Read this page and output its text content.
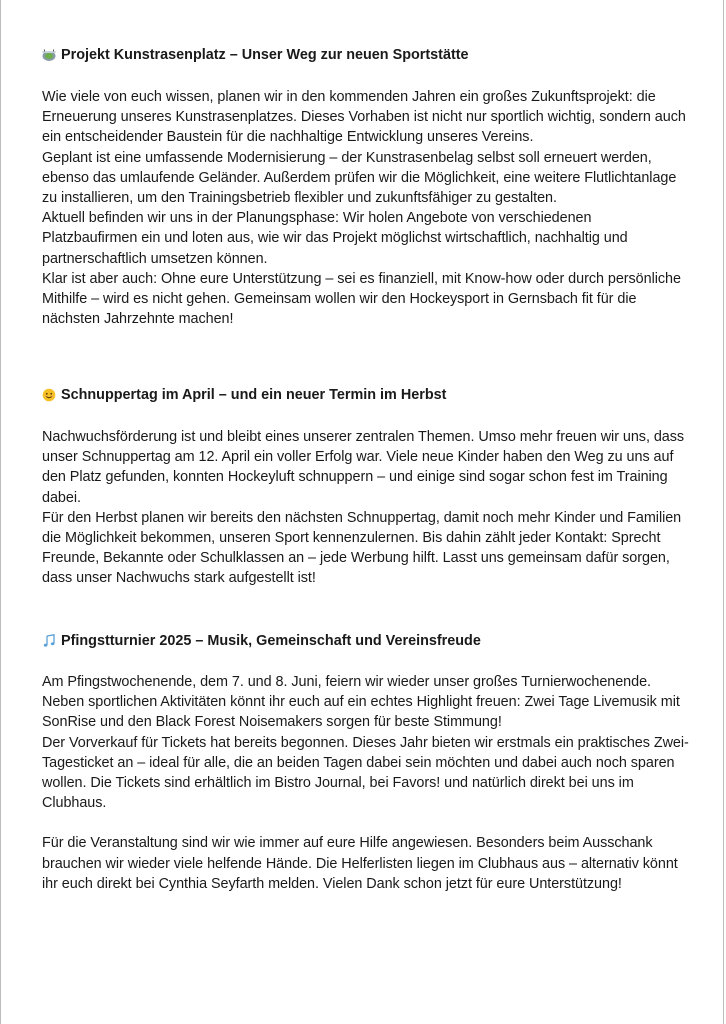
Projekt Kunstrasenplatz – Unser Weg zur neuen Sportstätte

Wie viele von euch wissen, planen wir in den kommenden Jahren ein großes Zukunftsprojekt: die Erneuerung unseres Kunstrasenplatzes. Dieses Vorhaben ist nicht nur sportlich wichtig, sondern auch ein entscheidender Baustein für die nachhaltige Entwicklung unseres Vereins.

Geplant ist eine umfassende Modernisierung – der Kunstrasenbelag selbst soll erneuert werden, ebenso das umlaufende Geländer. Außerdem prüfen wir die Möglichkeit, eine weitere Flutlichtanlage zu installieren, um den Trainingsbetrieb flexibler und zukunftsfähiger zu gestalten.

Aktuell befinden wir uns in der Planungsphase: Wir holen Angebote von verschiedenen Platzbaufirmen ein und loten aus, wie wir das Projekt möglichst wirtschaftlich, nachhaltig und partnerschaftlich umsetzen können.

Klar ist aber auch: Ohne eure Unterstützung – sei es finanziell, mit Know-how oder durch persönliche Mithilfe – wird es nicht gehen. Gemeinsam wollen wir den Hockeysport in Gernsbach fit für die nächsten Jahrzehnte machen!

Schnuppertag im April – und ein neuer Termin im Herbst

Nachwuchsförderung ist und bleibt eines unserer zentralen Themen. Umso mehr freuen wir uns, dass unser Schnuppertag am 12. April ein voller Erfolg war. Viele neue Kinder haben den Weg zu uns auf den Platz gefunden, konnten Hockeyluft schnuppern – und einige sind sogar schon fest im Training dabei.

Für den Herbst planen wir bereits den nächsten Schnuppertag, damit noch mehr Kinder und Familien die Möglichkeit bekommen, unseren Sport kennenzulernen. Bis dahin zählt jeder Kontakt: Sprecht Freunde, Bekannte oder Schulklassen an – jede Werbung hilft. Lasst uns gemeinsam dafür sorgen, dass unser Nachwuchs stark aufgestellt ist!

Pfingstturnier 2025 – Musik, Gemeinschaft und Vereinsfreude

Am Pfingstwochenende, dem 7. und 8. Juni, feiern wir wieder unser großes Turnierwochenende. Neben sportlichen Aktivitäten könnt ihr euch auf ein echtes Highlight freuen: Zwei Tage Livemusik mit SonRise und den Black Forest Noisemakers sorgen für beste Stimmung!

Der Vorverkauf für Tickets hat bereits begonnen. Dieses Jahr bieten wir erstmals ein praktisches Zwei-Tagesticket an – ideal für alle, die an beiden Tagen dabei sein möchten und dabei auch noch sparen wollen. Die Tickets sind erhältlich im Bistro Journal, bei Favors! und natürlich direkt bei uns im Clubhaus.

Für die Veranstaltung sind wir wie immer auf eure Hilfe angewiesen. Besonders beim Ausschank brauchen wir wieder viele helfende Hände. Die Helferlisten liegen im Clubhaus aus – alternativ könnt ihr euch direkt bei Cynthia Seyfarth melden. Vielen Dank schon jetzt für eure Unterstützung!
